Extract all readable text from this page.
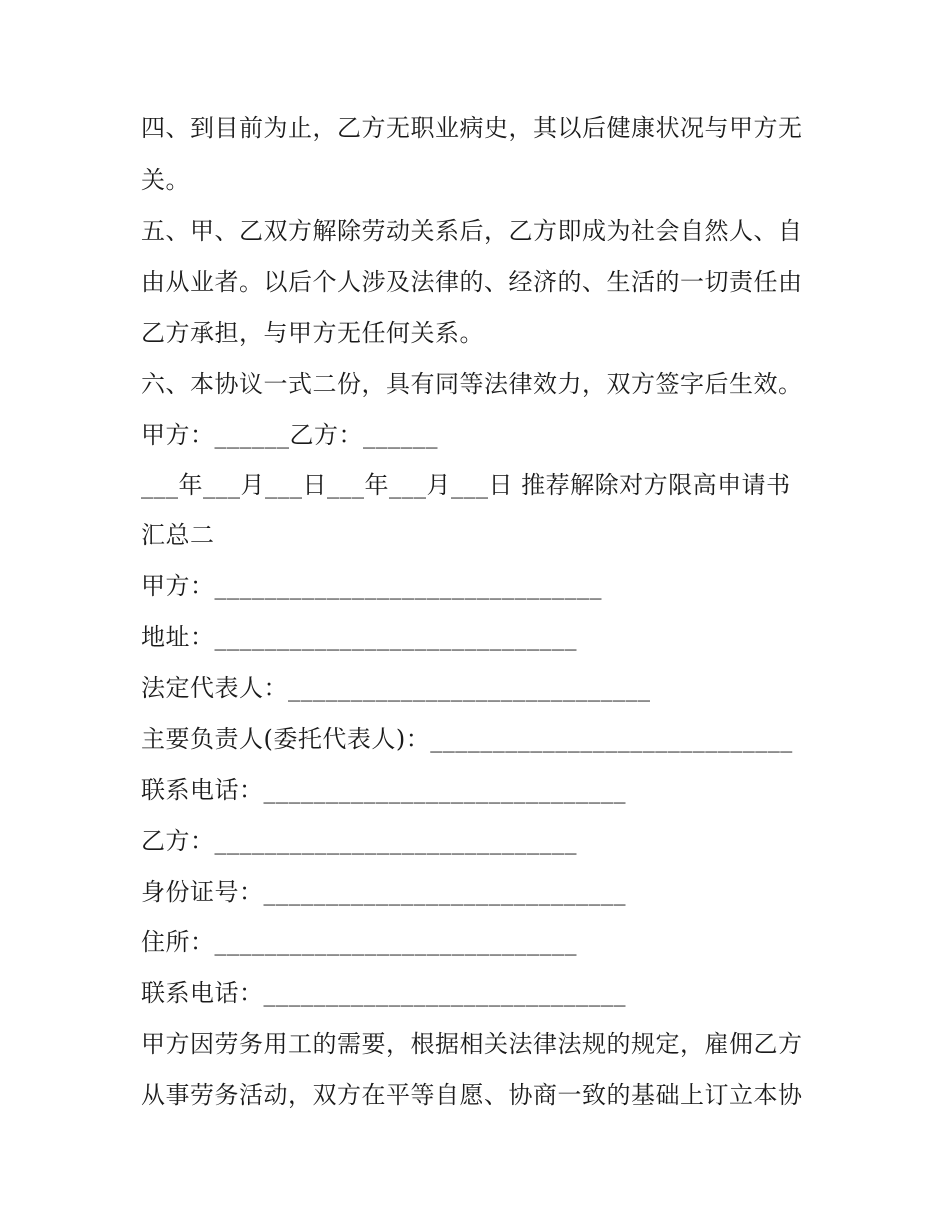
四、到目前为止，乙方无职业病史，其以后健康状况与甲方无
关。
五、甲、乙双方解除劳动关系后，乙方即成为社会自然人、自
由从业者。以后个人涉及法律的、经济的、生活的一切责任由
乙方承担，与甲方无任何关系。
六、本协议一式二份，具有同等法律效力，双方签字后生效。
甲方：______乙方：______
___年___月___日___年___月___日 推荐解除对方限高申请书
汇总二
甲方：_______________________________
地址：_____________________________
法定代表人：_____________________________
主要负责人(委托代表人)：_____________________________
联系电话：_____________________________
乙方：_____________________________
身份证号：_____________________________
住所：_____________________________
联系电话：_____________________________
甲方因劳务用工的需要，根据相关法律法规的规定，雇佣乙方
从事劳务活动，双方在平等自愿、协商一致的基础上订立本协
